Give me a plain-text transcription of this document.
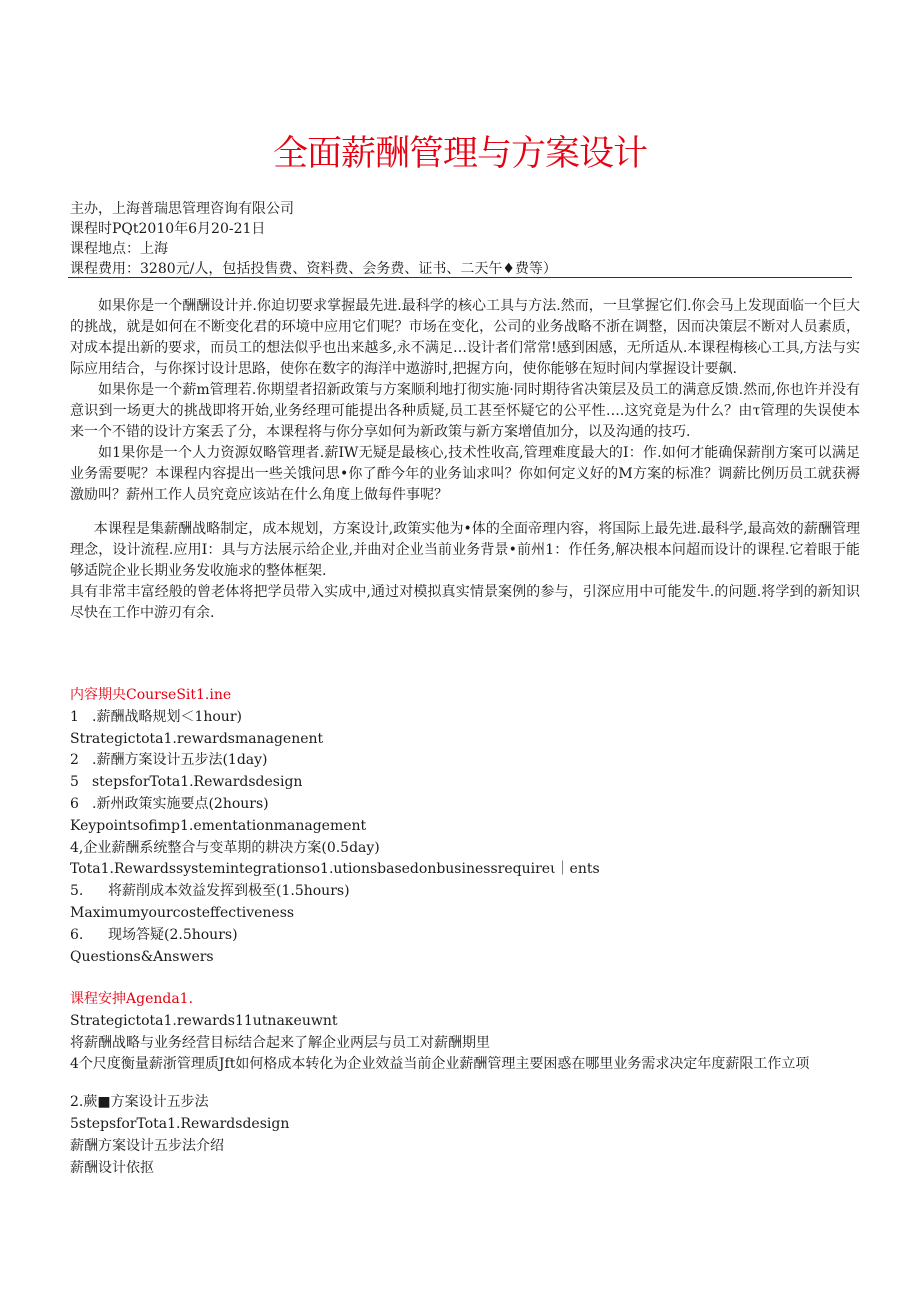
全面薪酬管理与方案设计
主办，上海普瑞思管理咨询有限公司
课程时PQt2010年6月20-21日
课程地点：上海
课程费用：3280元/人，包括投售费、资料费、会务费、证书、二天午♦费等）

如果你是一个酬酬设计并.你迫切要求掌握最先进.最科学的核心工具与方法.然而，一旦掌握它们.你会马上发现面临一个巨大的挑战，就是如何在不断变化君的环境中应用它们呢？市场在变化，公司的业务战略不浙在调整，因而决策层不断对人员素质，对成本提出新的要求，而员工的想法似乎也出来越多,永不满足…设计者们常常!感到困感，无所适从.本课程梅核心工具,方法与实际应用结合，与你探讨设计思路，使你在数字的海洋中遨游时,把握方向，使你能够在短时间内掌握设计要飙.

如果你是一个薪m管理若.你期望者招新政策与方案顺利地打彻实施·同时期待省决策层及员工的满意反馈.然而,你也许并没有意识到一场更大的挑战即将开始,业务经理可能提出各种质疑,员工甚至怀疑它的公平性….这究竟是为什么？由τ管理的失误使本来一个不错的设计方案丢了分，本课程将与你分享如何为新政策与新方案增值加分，以及沟通的技巧.

如1果你是一个人力资源奴略管理者.薪IW无疑是最核心,技术性收高,管理难度最大的I：作.如何才能确保薪削方案可以满足业务需要呢？本课程内容提出一些关饿问思•你了酢今年的业务讪求叫？你如何定义好的M方案的标准？调薪比例历员工就获褥激励叫？薪州工作人员究竟应该站在什么角度上做每件事呢？

本课程是集薪酬战略制定，成本规划，方案设计,政策实他为•体的全面帝理内容，将国际上最先进.最科学,最高效的薪酬管理理念，设计流程.应用I：具与方法展示给企业,并曲对企业当前业务背景•前州1：作任务,解决根本问超而设计的课程.它着眼于能够适院企业长期业务发收施求的整体框架.

具有非常丰富经般的曾老体将把学员带入实成中,通过对模拟真实情景案例的参与，引深应用中可能发牛.的问题.将学到的新知识尽快在工作中游刃有余.

内容期央CourseSit1.ine
1 .薪酬战略规划＜1hour)
Strategictota1.rewardsmanagenent
2 .薪酬方案设计五步法(1day)
5 stepsforTota1.Rewardsdesign
6 .新州政策实施要点(2hours)
Keypointsofimp1.ementationmanagement
4,企业薪酬系统整合与变革期的耕决方案(0.5day)
Tota1.Rewardssystemintegrationso1.utionsbasedonbusinessrequireι｜ents
5. 将薪削成本效益发挥到极至(1.5hours)
Maximumyourcosteffectiveness
6. 现场答疑(2.5hours)
Questions&Answers
课程安抻Agenda1.
Strategictota1.rewards11utnaκeuwnt
将薪酬战略与业务经营目标结合起来了解企业两层与员工对薪酬期里
4个尺度衡量薪浙管理质Jft如何格成本转化为企业效益当前企业薪酬管理主要困惑在哪里业务需求决定年度薪限工作立项
2.蕨■方案设计五步法
5stepsforTota1.Rewardsdesign
薪酬方案设计五步法介绍
薪酬设计依抠
